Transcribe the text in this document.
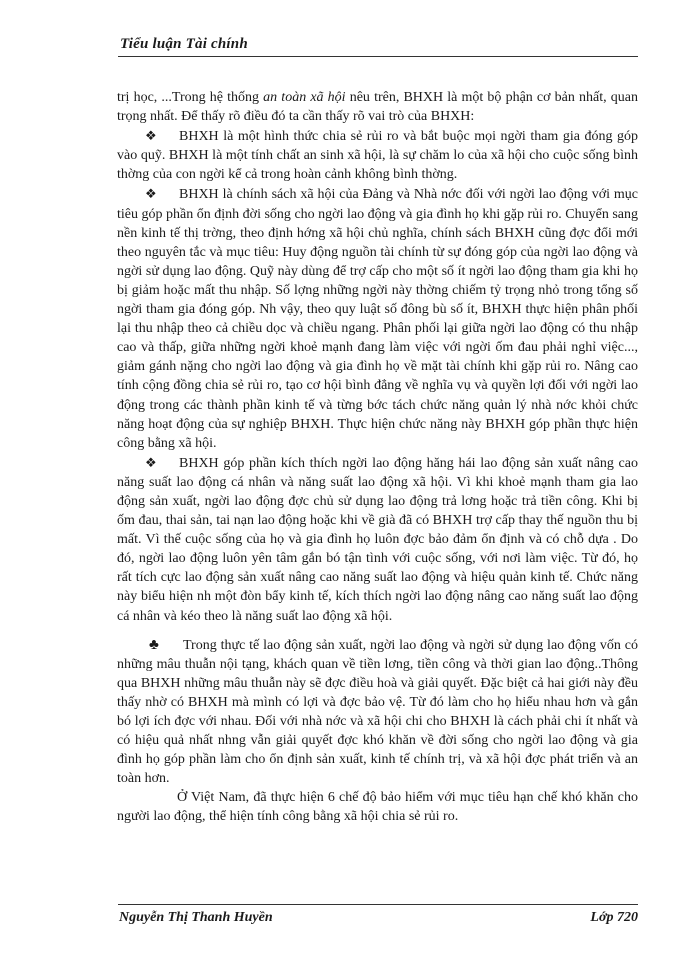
Tiểu luận Tài chính

trị học, ...Trong hệ thống an toàn xã hội nêu trên, BHXH là một bộ phận cơ bản nhất, quan trọng nhất. Để thấy rõ điều đó ta cần thấy rõ vai trò của BHXH:

❖ BHXH là một hình thức chia sẻ rủi ro và bắt buộc mọi ngời tham gia đóng góp vào quỹ. BHXH là một tính chất an sinh xã hội, là sự chăm lo của xã hội cho cuộc sống bình thờng của con ngời kể cả trong hoàn cảnh không bình thờng.

❖ BHXH là chính sách xã hội của Đảng và Nhà nớc đối với ngời lao động với mục tiêu góp phần ổn định đời sống cho ngời lao động và gia đình họ khi gặp rủi ro. Chuyển sang nền kinh tế thị trờng, theo định hớng xã hội chủ nghĩa, chính sách BHXH cũng đợc đổi mới theo nguyên tắc và mục tiêu: Huy động nguồn tài chính từ sự đóng góp của ngời lao động và ngời sử dụng lao động. Quỹ này dùng để trợ cấp cho một số ít ngời lao động tham gia khi họ bị giảm hoặc mất thu nhập. Số lợng những ngời này thờng chiếm tỷ trọng nhỏ trong tổng số ngời tham gia đóng góp. Nh vậy, theo quy luật số đông bù số ít, BHXH thực hiện phân phối lại thu nhập theo cả chiều dọc và chiều ngang. Phân phối lại giữa ngời lao động có thu nhập cao và thấp, giữa những ngời khoẻ mạnh đang làm việc với ngời ốm đau phải nghỉ việc..., giảm gánh nặng cho ngời lao động và gia đình họ về mặt tài chính khi gặp rủi ro. Nâng cao tính cộng đồng chia sẻ rủi ro, tạo cơ hội bình đẳng về nghĩa vụ và quyền lợi đối với ngời lao động trong các thành phần kinh tế và từng bớc tách chức năng quản lý nhà nớc khỏi chức năng hoạt động của sự nghiệp BHXH. Thực hiện chức năng này BHXH góp phần thực hiện công bằng xã hội.

❖ BHXH góp phần kích thích ngời lao động hăng hái lao động sản xuất nâng cao năng suất lao động cá nhân và năng suất lao động xã hội. Vì khi khoẻ mạnh tham gia lao động sản xuất, ngời lao động đợc chủ sử dụng lao động trả lơng hoặc trả tiền công. Khi bị ốm đau, thai sản, tai nạn lao động hoặc khi về già đã có BHXH trợ cấp thay thế nguồn thu bị mất. Vì thế cuộc sống của họ và gia đình họ luôn đợc bảo đảm ổn định và có chỗ dựa . Do đó, ngời lao động luôn yên tâm gắn bó tận tình với cuộc sống, với nơi làm việc. Từ đó, họ rất tích cực lao động sản xuất nâng cao năng suất lao động và hiệu quản kinh tế. Chức năng này biểu hiện nh một đòn bẩy kinh tế, kích thích ngời lao động nâng cao năng suất lao động cá nhân và kéo theo là năng suất lao động xã hội.

♣ Trong thực tế lao động sản xuất, ngời lao động và ngời sử dụng lao động vốn có những mâu thuẫn nội tạng, khách quan về tiền lơng, tiền công và thời gian lao động..Thông qua BHXH những mâu thuẫn này sẽ đợc điều hoà và giải quyết. Đặc biệt cả hai giới này đều thấy nhờ có BHXH mà mình có lợi và đợc bảo vệ. Từ đó làm cho họ hiểu nhau hơn và gắn bó lợi ích đợc với nhau. Đối với nhà nớc và xã hội chi cho BHXH là cách phải chi ít nhất và có hiệu quả nhất nhng vẫn giải quyết đợc khó khăn về đời sống cho ngời lao động và gia đình họ góp phần làm cho ổn định sản xuất, kinh tế chính trị, và xã hội đợc phát triển và an toàn hơn.

Ở Việt Nam, đã thực hiện 6 chế độ bảo hiểm với mục tiêu hạn chế khó khăn cho người lao động, thể hiện tính công bằng xã hội chia sẻ rủi ro.

Nguyễn Thị Thanh Huyền	Lớp 720
